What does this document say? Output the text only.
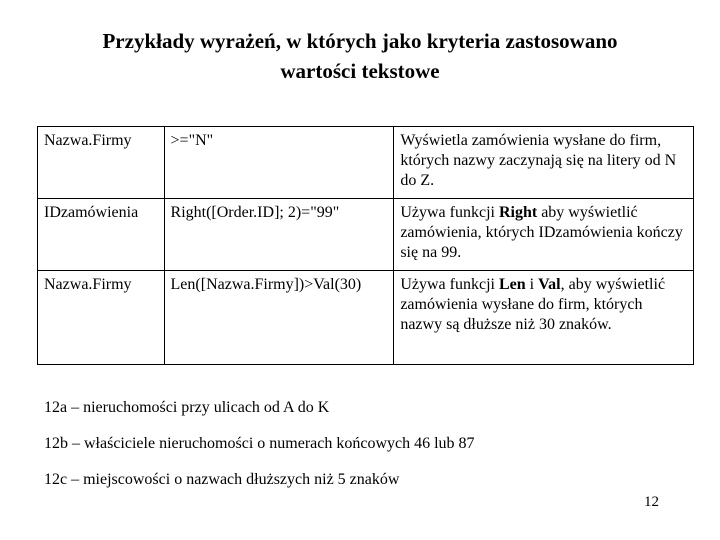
Przykłady wyrażeń, w których jako kryteria zastosowano
wartości tekstowe
Nazwa.Firmy	>="N"	Wyświetla zamówienia wysłane do firm, których nazwy zaczynają się na litery od N do Z.
IDzamówienia	Right([Order.ID]; 2)="99"	Używa funkcji Right aby wyświetlić zamówienia, których IDzamówienia kończy się na 99.
Nazwa.Firmy	Len([Nazwa.Firmy])>Val(30)	Używa funkcji Len i Val, aby wyświetlić zamówienia wysłane do firm, których nazwy są dłuższe niż 30 znaków.
12a – nieruchomości przy ulicach od A do K
12b – właściciele nieruchomości o numerach końcowych 46 lub 87
12c – miejscowości o nazwach dłuższych niż 5 znaków
12
